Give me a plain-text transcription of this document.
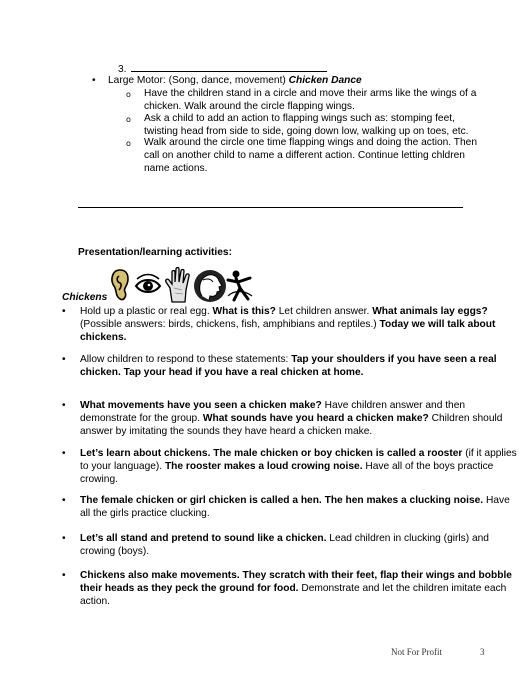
3.
• Large Motor: (Song, dance, movement) Chicken Dance
o Have the children stand in a circle and move their arms like the wings of a chicken. Walk around the circle flapping wings.
o Ask a child to add an action to flapping wings such as: stomping feet, twisting head from side to side, going down low, walking up on toes, etc.
o Walk around the circle one time flapping wings and doing the action. Then call on another child to name a different action. Continue letting chldren name actions.
Presentation/learning activities:
Chickens
• Hold up a plastic or real egg. What is this? Let children answer. What animals lay eggs? (Possible answers: birds, chickens, fish, amphibians and reptiles.) Today we will talk about chickens.

• Allow children to respond to these statements: Tap your shoulders if you have seen a real chicken. Tap your head if you have a real chicken at home.

• What movements have you seen a chicken make? Have children answer and then demonstrate for the group. What sounds have you heard a chicken make? Children should answer by imitating the sounds they have heard a chicken make.

• Let’s learn about chickens. The male chicken or boy chicken is called a rooster (if it applies to your language). The rooster makes a loud crowing noise. Have all of the boys practice crowing.

• The female chicken or girl chicken is called a hen. The hen makes a clucking noise. Have all the girls practice clucking.

• Let’s all stand and pretend to sound like a chicken. Lead children in clucking (girls) and crowing (boys).

• Chickens also make movements. They scratch with their feet, flap their wings and bobble their heads as they peck the ground for food. Demonstrate and let the children imitate each action.

Not For Profit	3
